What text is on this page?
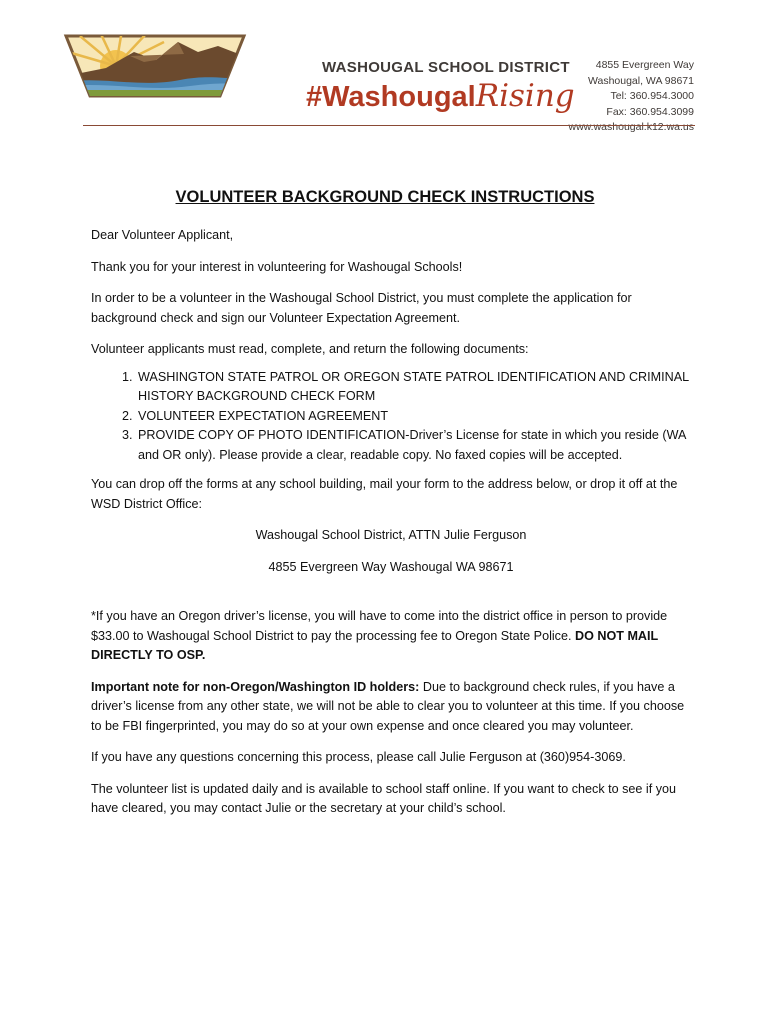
WASHOUGAL SCHOOL DISTRICT
#WashougalRising
4855 Evergreen Way
Washougal, WA 98671
Tel: 360.954.3000
Fax: 360.954.3099
www.washougal.k12.wa.us
VOLUNTEER BACKGROUND CHECK INSTRUCTIONS

Dear Volunteer Applicant,

Thank you for your interest in volunteering for Washougal Schools!

In order to be a volunteer in the Washougal School District, you must complete the application for background check and sign our Volunteer Expectation Agreement.

Volunteer applicants must read, complete, and return the following documents:

1. WASHINGTON STATE PATROL OR OREGON STATE PATROL IDENTIFICATION AND CRIMINAL HISTORY BACKGROUND CHECK FORM
2. VOLUNTEER EXPECTATION AGREEMENT
3. PROVIDE COPY OF PHOTO IDENTIFICATION-Driver’s License for state in which you reside (WA and OR only). Please provide a clear, readable copy. No faxed copies will be accepted.

You can drop off the forms at any school building, mail your form to the address below, or drop it off at the WSD District Office:

Washougal School District, ATTN Julie Ferguson

4855 Evergreen Way Washougal WA 98671

*If you have an Oregon driver’s license, you will have to come into the district office in person to provide $33.00 to Washougal School District to pay the processing fee to Oregon State Police. DO NOT MAIL DIRECTLY TO OSP.

Important note for non-Oregon/Washington ID holders: Due to background check rules, if you have a driver’s license from any other state, we will not be able to clear you to volunteer at this time. If you choose to be FBI fingerprinted, you may do so at your own expense and once cleared you may volunteer.

If you have any questions concerning this process, please call Julie Ferguson at (360)954-3069.

The volunteer list is updated daily and is available to school staff online. If you want to check to see if you have cleared, you may contact Julie or the secretary at your child’s school.
